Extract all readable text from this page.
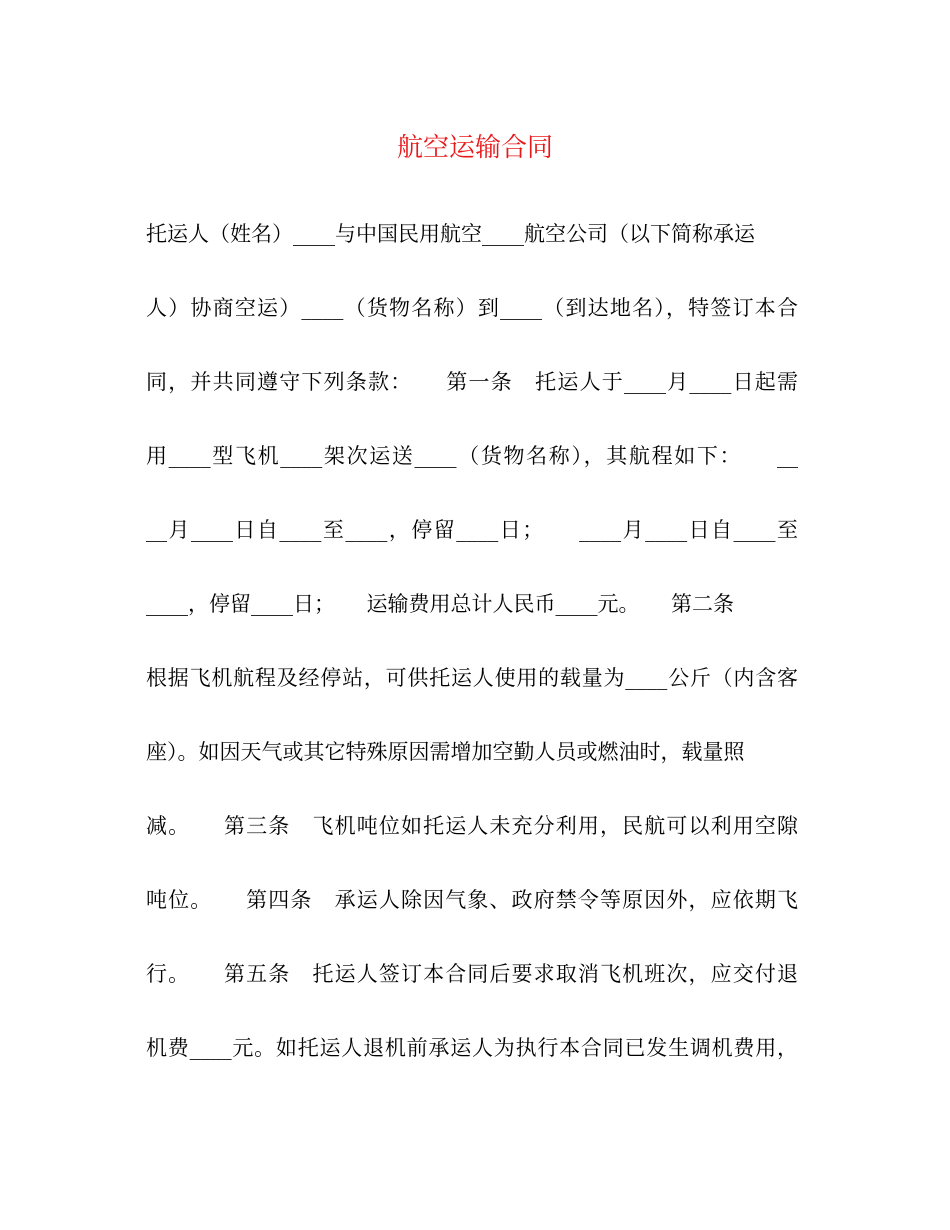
航空运输合同
托运人（姓名）____与中国民用航空____航空公司（以下简称承运
人）协商空运）____（货物名称）到____（到达地名），特签订本合
同，并共同遵守下列条款：　　第一条　托运人于____月____日起需
用____型飞机____架次运送____（货物名称），其航程如下：　　__
__月____日自____至____，停留____日；　　____月____日自____至
____，停留____日；　　运输费用总计人民币____元。　　第二条
根据飞机航程及经停站，可供托运人使用的载量为____公斤（内含客
座）。如因天气或其它特殊原因需增加空勤人员或燃油时，载量照
减。　　第三条　飞机吨位如托运人未充分利用，民航可以利用空隙
吨位。　　第四条　承运人除因气象、政府禁令等原因外，应依期飞
行。　　第五条　托运人签订本合同后要求取消飞机班次，应交付退
机费____元。如托运人退机前承运人为执行本合同已发生调机费用，
